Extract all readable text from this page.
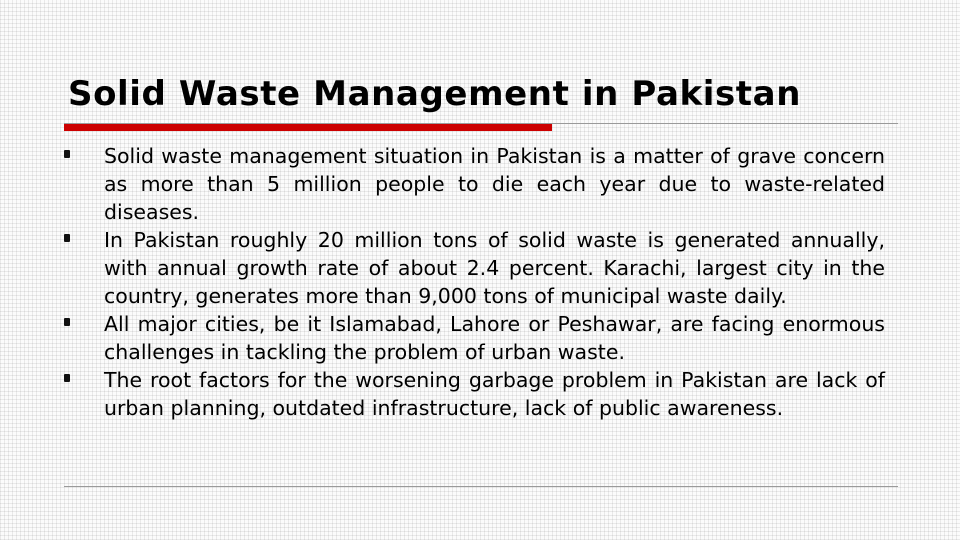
Solid Waste Management in Pakistan
Solid waste management situation in Pakistan is a matter of grave concern as more than 5 million people to die each year due to waste-related diseases.
In Pakistan roughly 20 million tons of solid waste is generated annually, with annual growth rate of about 2.4 percent. Karachi, largest city in the country, generates more than 9,000 tons of municipal waste daily.
All major cities, be it Islamabad, Lahore or Peshawar, are facing enormous challenges in tackling the problem of urban waste.
The root factors for the worsening garbage problem in Pakistan are lack of urban planning, outdated infrastructure, lack of public awareness.
